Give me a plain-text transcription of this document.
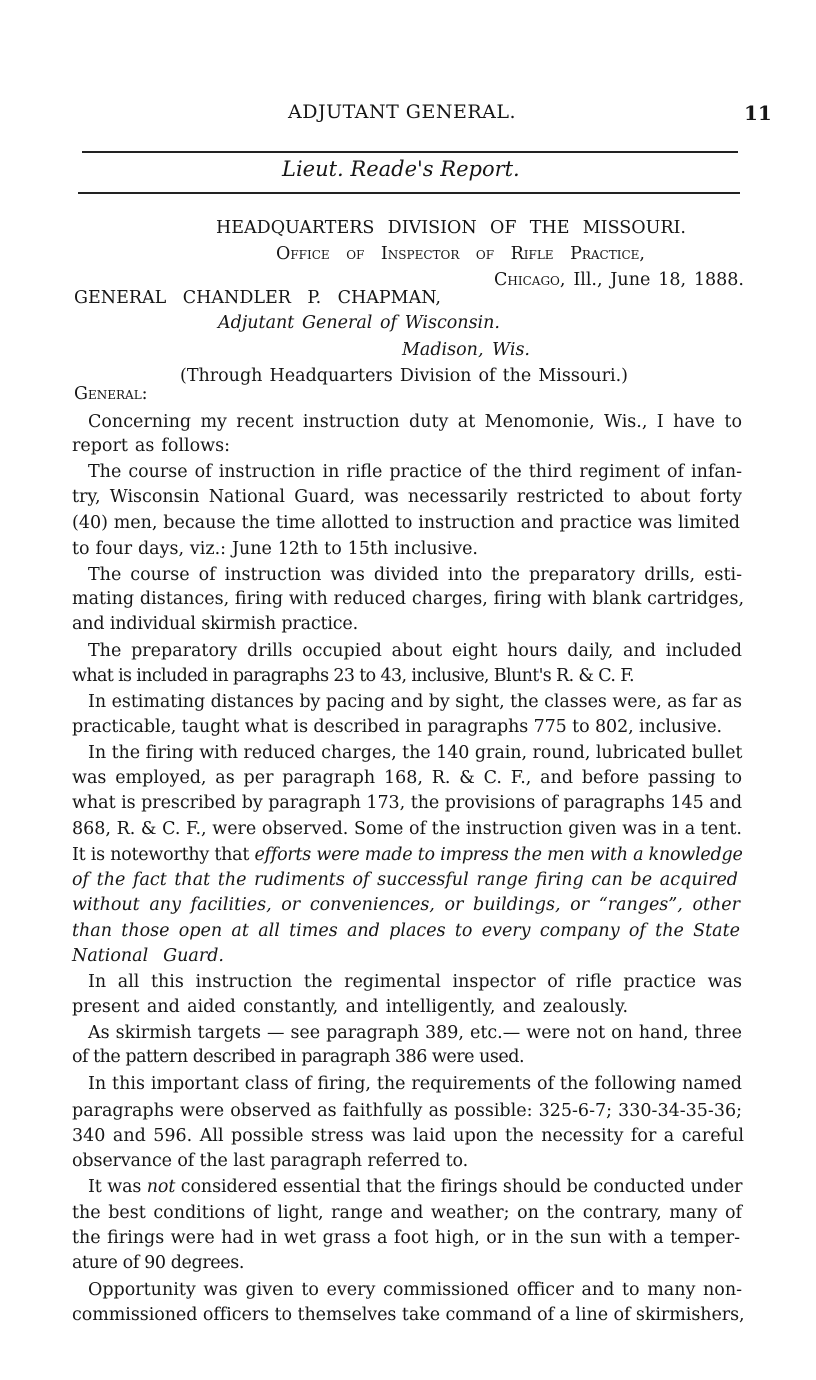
ADJUTANT GENERAL.	11
Lieut. Reade's Report.
HEADQUARTERS DIVISION OF THE MISSOURI.
Office of Inspector of Rifle Practice,
Chicago, Ill., June 18, 1888.
GENERAL CHANDLER P. CHAPMAN,
Adjutant General of Wisconsin.
Madison, Wis.
(Through Headquarters Division of the Missouri.)
General:
Concerning my recent instruction duty at Menomonie, Wis., I have to
report as follows:
The course of instruction in rifle practice of the third regiment of infan-
try, Wisconsin National Guard, was necessarily restricted to about forty
(40) men, because the time allotted to instruction and practice was limited
to four days, viz.: June 12th to 15th inclusive.
The course of instruction was divided into the preparatory drills, esti-
mating distances, firing with reduced charges, firing with blank cartridges,
and individual skirmish practice.
The preparatory drills occupied about eight hours daily, and included
what is included in paragraphs 23 to 43, inclusive, Blunt's R. & C. F.
In estimating distances by pacing and by sight, the classes were, as far as
practicable, taught what is described in paragraphs 775 to 802, inclusive.
In the firing with reduced charges, the 140 grain, round, lubricated bullet
was employed, as per paragraph 168, R. & C. F., and before passing to
what is prescribed by paragraph 173, the provisions of paragraphs 145 and
868, R. & C. F., were observed. Some of the instruction given was in a tent.
It is noteworthy that efforts were made to impress the men with a knowledge
of the fact that the rudiments of successful range firing can be acquired
without any facilities, or conveniences, or buildings, or “ranges”, other
than those open at all times and places to every company of the State
National Guard.
In all this instruction the regimental inspector of rifle practice was
present and aided constantly, and intelligently, and zealously.
As skirmish targets — see paragraph 389, etc.— were not on hand, three
of the pattern described in paragraph 386 were used.
In this important class of firing, the requirements of the following named
paragraphs were observed as faithfully as possible: 325-6-7; 330-34-35-36;
340 and 596. All possible stress was laid upon the necessity for a careful
observance of the last paragraph referred to.
It was not considered essential that the firings should be conducted under
the best conditions of light, range and weather; on the contrary, many of
the firings were had in wet grass a foot high, or in the sun with a temper-
ature of 90 degrees.
Opportunity was given to every commissioned officer and to many non-
commissioned officers to themselves take command of a line of skirmishers,
